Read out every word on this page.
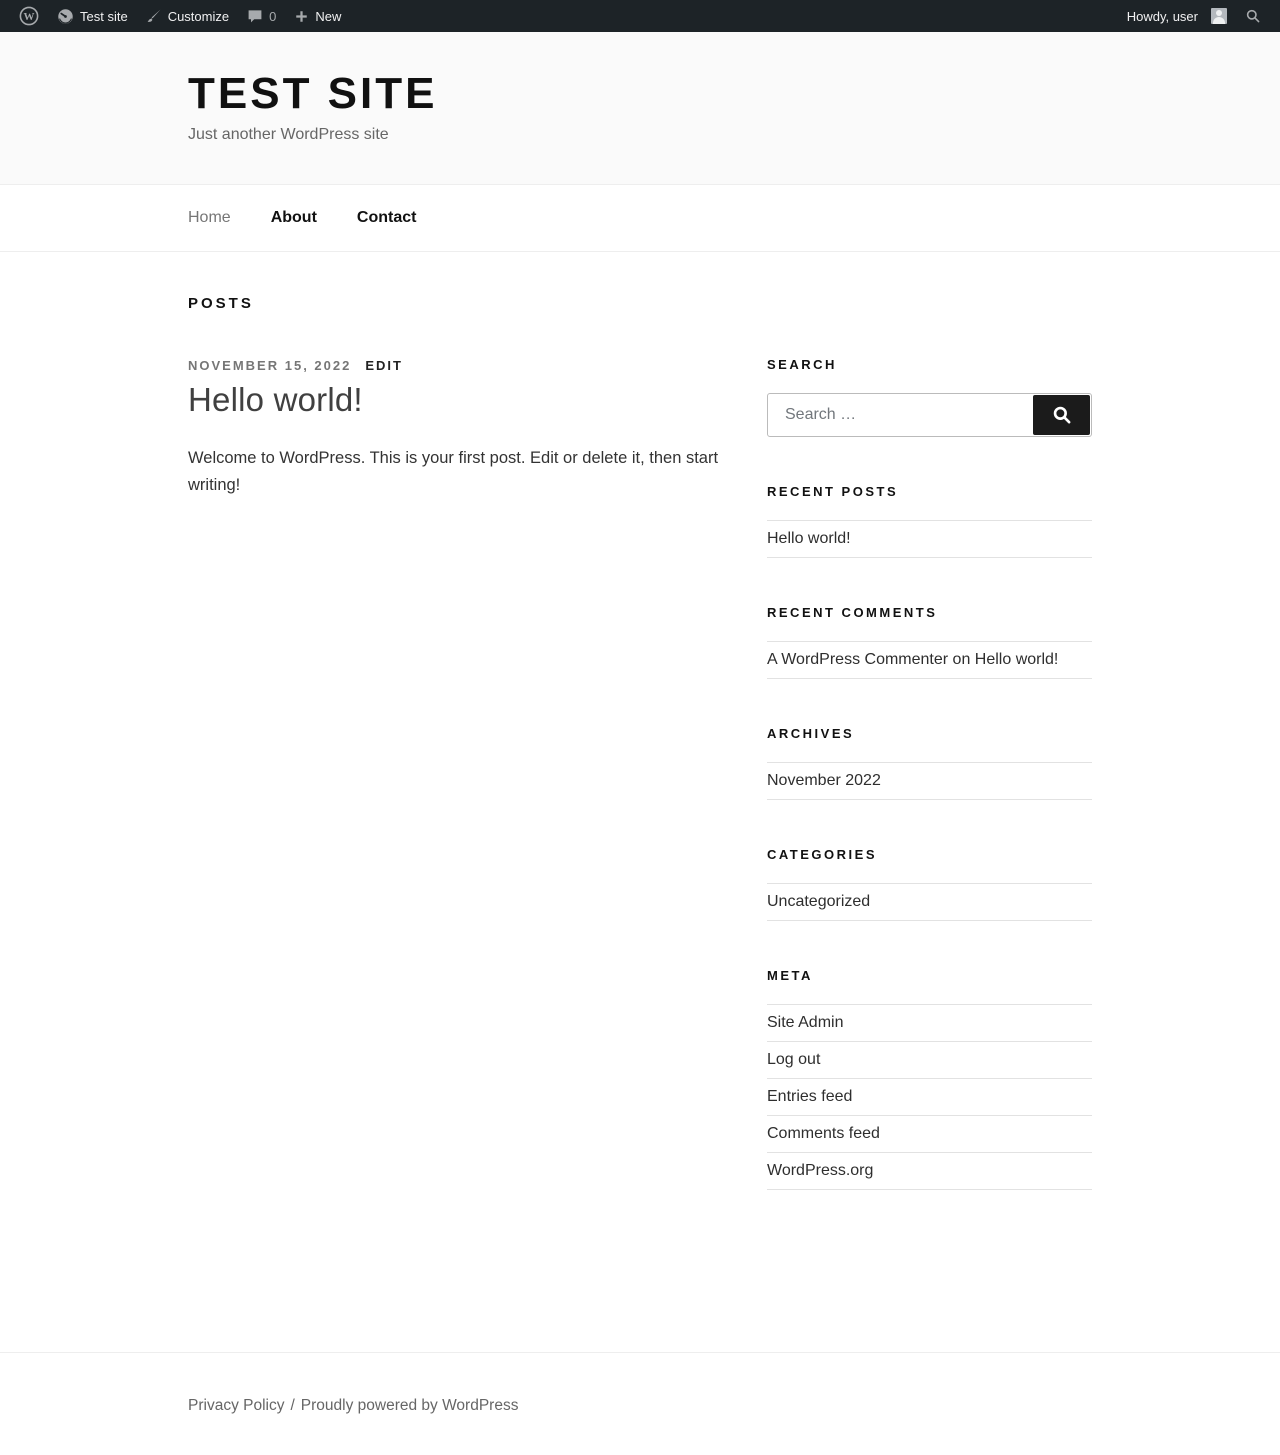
W	Test site	Customize	0	New	Howdy, user
TEST SITE
Just another WordPress site
Home	About	Contact
POSTS
NOVEMBER 15, 2022 EDIT
Hello world!

Welcome to WordPress. This is your first post. Edit or delete it, then start writing!

SEARCH
Search …
RECENT POSTS
Hello world!
RECENT COMMENTS
A WordPress Commenter on Hello world!
ARCHIVES
November 2022
CATEGORIES
Uncategorized
META
Site Admin
Log out
Entries feed
Comments feed
WordPress.org
Privacy Policy / Proudly powered by WordPress
